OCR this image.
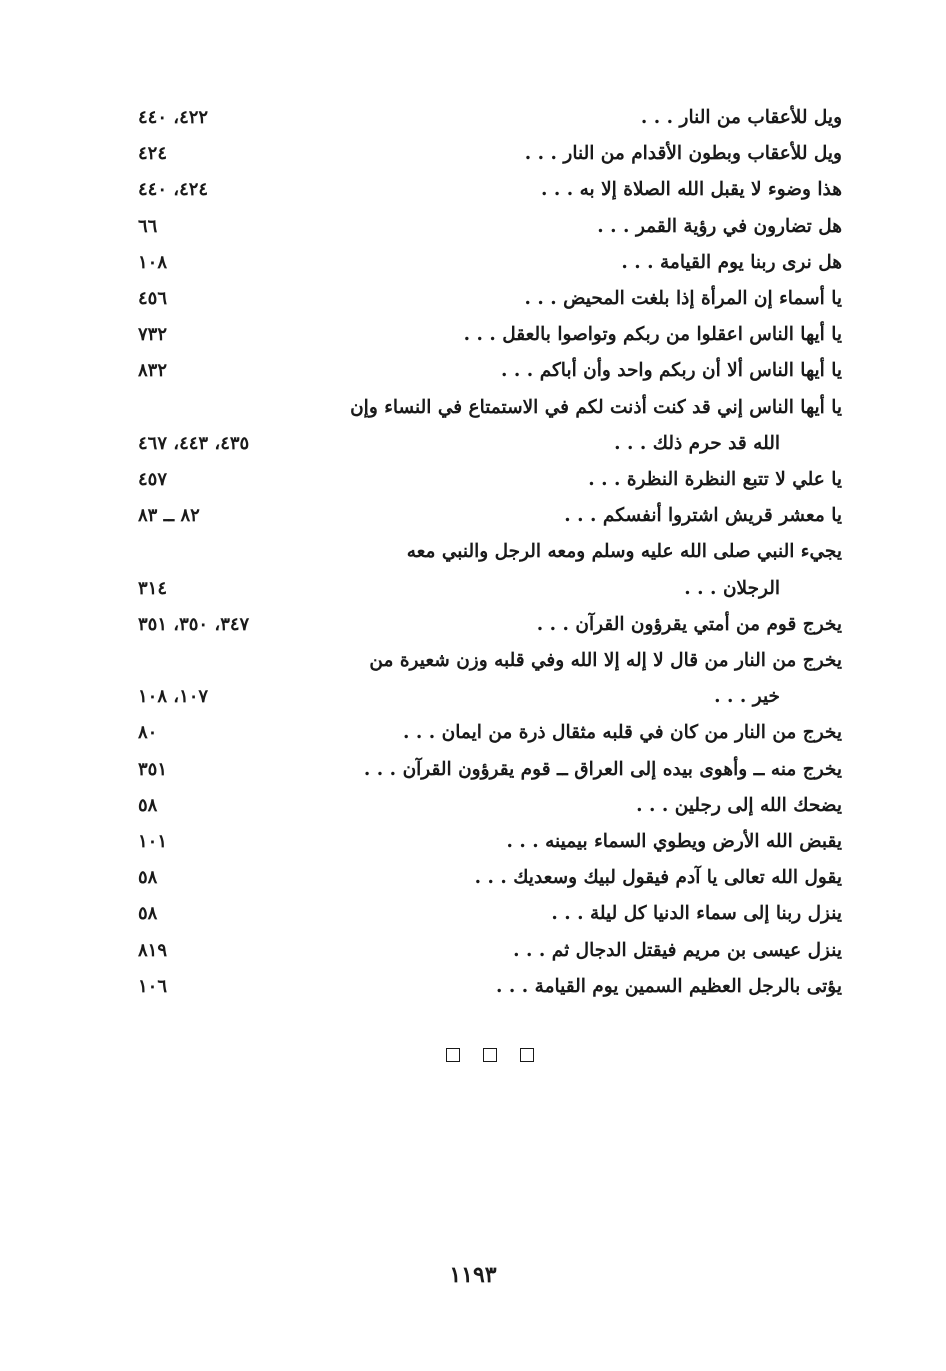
ويل للأعقاب من النار . . .
٤٢٢، ٤٤٠
ويل للأعقاب وبطون الأقدام من النار . . .
٤٢٤
هذا وضوء لا يقبل الله الصلاة إلا به . . .
٤٢٤، ٤٤٠
هل تضارون في رؤية القمر . . .
٦٦
هل نرى ربنا يوم القيامة . . .
١٠٨
يا أسماء إن المرأة إذا بلغت المحيض . . .
٤٥٦
يا أيها الناس اعقلوا من ربكم وتواصوا بالعقل . . .
٧٣٢
يا أيها الناس ألا أن ربكم واحد وأن أباكم . . .
٨٣٢
يا أيها الناس إني قد كنت أذنت لكم في الاستمتاع في النساء وإن
الله قد حرم ذلك . . .
٤٣٥، ٤٤٣، ٤٦٧
يا علي لا تتبع النظرة النظرة . . .
٤٥٧
يا معشر قريش اشتروا أنفسكم . . .
٨٢ ــ ٨٣
يجيء النبي صلى الله عليه وسلم ومعه الرجل والنبي معه
الرجلان . . .
٣١٤
يخرج قوم من أمتي يقرؤون القرآن . . .
٣٤٧، ٣٥٠، ٣٥١
يخرج من النار من قال لا إله إلا الله وفي قلبه وزن شعيرة من
خير . . .
١٠٧، ١٠٨
يخرج من النار من كان في قلبه مثقال ذرة من ايمان . . .
٨٠
يخرج منه ــ وأهوى بيده إلى العراق ــ قوم يقرؤون القرآن . . .
٣٥١
يضحك الله إلى رجلين . . .
٥٨
يقبض الله الأرض ويطوي السماء بيمينه . . .
١٠١
يقول الله تعالى يا آدم فيقول لبيك وسعديك . . .
٥٨
ينزل ربنا إلى سماء الدنيا كل ليلة . . .
٥٨
ينزل عيسى بن مريم فيقتل الدجال ثم . . .
٨١٩
يؤتى بالرجل العظيم السمين يوم القيامة . . .
١٠٦
١١٩٣
